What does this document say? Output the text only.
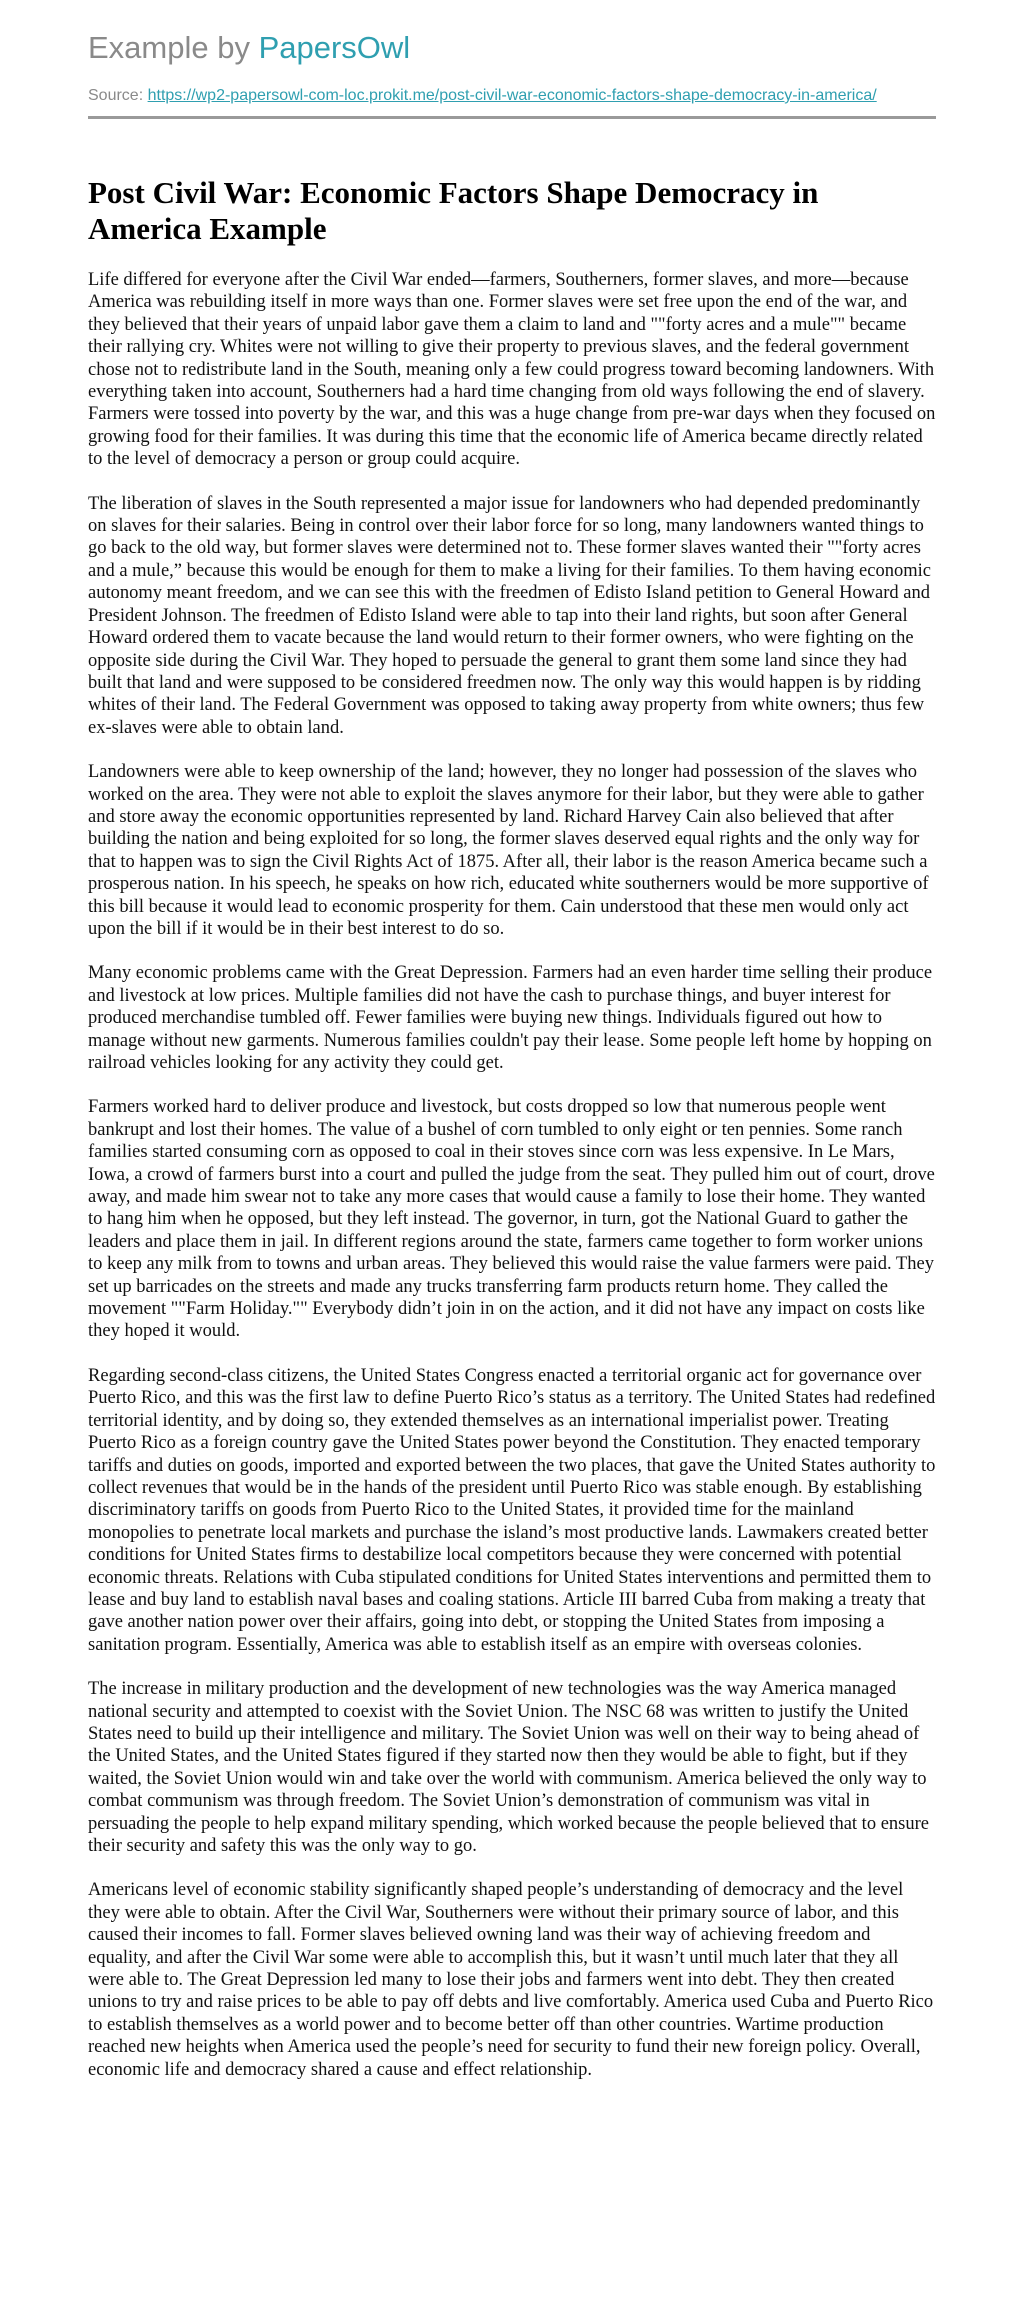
Example by PapersOwl
Source: https://wp2-papersowl-com-loc.prokit.me/post-civil-war-economic-factors-shape-democracy-in-america/
Post Civil War: Economic Factors Shape Democracy in America Example

Life differed for everyone after the Civil War ended—farmers, Southerners, former slaves, and more—because America was rebuilding itself in more ways than one. Former slaves were set free upon the end of the war, and they believed that their years of unpaid labor gave them a claim to land and ""forty acres and a mule"" became their rallying cry. Whites were not willing to give their property to previous slaves, and the federal government chose not to redistribute land in the South, meaning only a few could progress toward becoming landowners. With everything taken into account, Southerners had a hard time changing from old ways following the end of slavery. Farmers were tossed into poverty by the war, and this was a huge change from pre-war days when they focused on growing food for their families. It was during this time that the economic life of America became directly related to the level of democracy a person or group could acquire.

The liberation of slaves in the South represented a major issue for landowners who had depended predominantly on slaves for their salaries. Being in control over their labor force for so long, many landowners wanted things to go back to the old way, but former slaves were determined not to. These former slaves wanted their ""forty acres and a mule,” because this would be enough for them to make a living for their families. To them having economic autonomy meant freedom, and we can see this with the freedmen of Edisto Island petition to General Howard and President Johnson. The freedmen of Edisto Island were able to tap into their land rights, but soon after General Howard ordered them to vacate because the land would return to their former owners, who were fighting on the opposite side during the Civil War. They hoped to persuade the general to grant them some land since they had built that land and were supposed to be considered freedmen now. The only way this would happen is by ridding whites of their land. The Federal Government was opposed to taking away property from white owners; thus few ex-slaves were able to obtain land.

Landowners were able to keep ownership of the land; however, they no longer had possession of the slaves who worked on the area. They were not able to exploit the slaves anymore for their labor, but they were able to gather and store away the economic opportunities represented by land. Richard Harvey Cain also believed that after building the nation and being exploited for so long, the former slaves deserved equal rights and the only way for that to happen was to sign the Civil Rights Act of 1875. After all, their labor is the reason America became such a prosperous nation. In his speech, he speaks on how rich, educated white southerners would be more supportive of this bill because it would lead to economic prosperity for them. Cain understood that these men would only act upon the bill if it would be in their best interest to do so.

Many economic problems came with the Great Depression. Farmers had an even harder time selling their produce and livestock at low prices. Multiple families did not have the cash to purchase things, and buyer interest for produced merchandise tumbled off. Fewer families were buying new things. Individuals figured out how to manage without new garments. Numerous families couldn't pay their lease. Some people left home by hopping on railroad vehicles looking for any activity they could get.

Farmers worked hard to deliver produce and livestock, but costs dropped so low that numerous people went bankrupt and lost their homes. The value of a bushel of corn tumbled to only eight or ten pennies. Some ranch families started consuming corn as opposed to coal in their stoves since corn was less expensive. In Le Mars, Iowa, a crowd of farmers burst into a court and pulled the judge from the seat. They pulled him out of court, drove away, and made him swear not to take any more cases that would cause a family to lose their home. They wanted to hang him when he opposed, but they left instead. The governor, in turn, got the National Guard to gather the leaders and place them in jail. In different regions around the state, farmers came together to form worker unions to keep any milk from to towns and urban areas. They believed this would raise the value farmers were paid. They set up barricades on the streets and made any trucks transferring farm products return home. They called the movement ""Farm Holiday."" Everybody didn’t join in on the action, and it did not have any impact on costs like they hoped it would.

Regarding second-class citizens, the United States Congress enacted a territorial organic act for governance over Puerto Rico, and this was the first law to define Puerto Rico’s status as a territory. The United States had redefined territorial identity, and by doing so, they extended themselves as an international imperialist power. Treating Puerto Rico as a foreign country gave the United States power beyond the Constitution. They enacted temporary tariffs and duties on goods, imported and exported between the two places, that gave the United States authority to collect revenues that would be in the hands of the president until Puerto Rico was stable enough. By establishing discriminatory tariffs on goods from Puerto Rico to the United States, it provided time for the mainland monopolies to penetrate local markets and purchase the island’s most productive lands. Lawmakers created better conditions for United States firms to destabilize local competitors because they were concerned with potential economic threats. Relations with Cuba stipulated conditions for United States interventions and permitted them to lease and buy land to establish naval bases and coaling stations. Article III barred Cuba from making a treaty that gave another nation power over their affairs, going into debt, or stopping the United States from imposing a sanitation program. Essentially, America was able to establish itself as an empire with overseas colonies.

The increase in military production and the development of new technologies was the way America managed national security and attempted to coexist with the Soviet Union. The NSC 68 was written to justify the United States need to build up their intelligence and military. The Soviet Union was well on their way to being ahead of the United States, and the United States figured if they started now then they would be able to fight, but if they waited, the Soviet Union would win and take over the world with communism. America believed the only way to combat communism was through freedom. The Soviet Union’s demonstration of communism was vital in persuading the people to help expand military spending, which worked because the people believed that to ensure their security and safety this was the only way to go.

Americans level of economic stability significantly shaped people’s understanding of democracy and the level they were able to obtain. After the Civil War, Southerners were without their primary source of labor, and this caused their incomes to fall. Former slaves believed owning land was their way of achieving freedom and equality, and after the Civil War some were able to accomplish this, but it wasn’t until much later that they all were able to. The Great Depression led many to lose their jobs and farmers went into debt. They then created unions to try and raise prices to be able to pay off debts and live comfortably. America used Cuba and Puerto Rico to establish themselves as a world power and to become better off than other countries. Wartime production reached new heights when America used the people’s need for security to fund their new foreign policy. Overall, economic life and democracy shared a cause and effect relationship.
